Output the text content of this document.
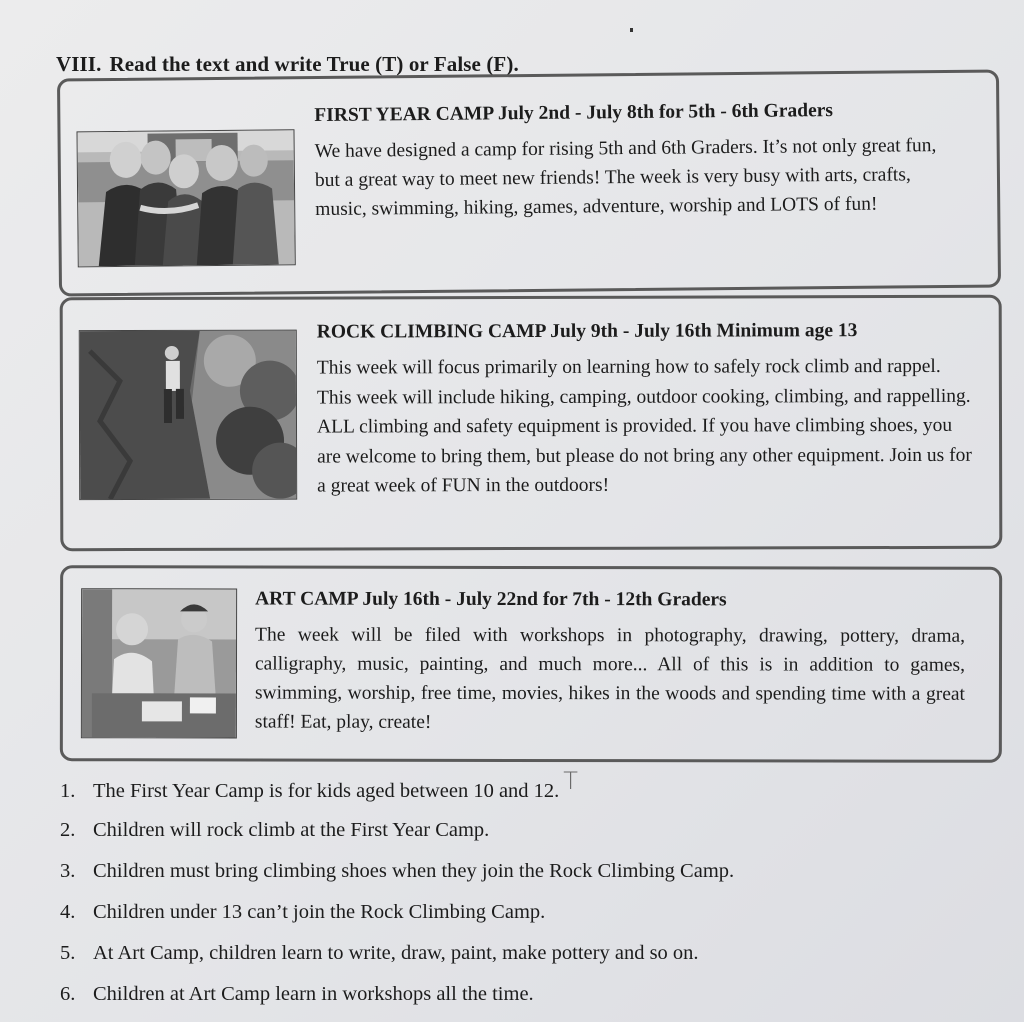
VIII. Read the text and write True (T) or False (F).

FIRST YEAR CAMP July 2nd - July 8th for 5th - 6th Graders

We have designed a camp for rising 5th and 6th Graders. It’s not only great fun, but a great way to meet new friends! The week is very busy with arts, crafts, music, swimming, hiking, games, adventure, worship and LOTS of fun!

ROCK CLIMBING CAMP July 9th - July 16th Minimum age 13

This week will focus primarily on learning how to safely rock climb and rappel. This week will include hiking, camping, outdoor cooking, climbing, and rappelling. ALL climbing and safety equipment is provided. If you have climbing shoes, you are welcome to bring them, but please do not bring any other equipment. Join us for a great week of FUN in the outdoors!

ART CAMP July 16th - July 22nd for 7th - 12th Graders

The week will be filed with workshops in photography, drawing, pottery, drama, calligraphy, music, painting, and much more... All of this is in addition to games, swimming, worship, free time, movies, hikes in the woods and spending time with a great staff! Eat, play, create!

1. The First Year Camp is for kids aged between 10 and 12. T
2. Children will rock climb at the First Year Camp.
3. Children must bring climbing shoes when they join the Rock Climbing Camp.
4. Children under 13 can’t join the Rock Climbing Camp.
5. At Art Camp, children learn to write, draw, paint, make pottery and so on.
6. Children at Art Camp learn in workshops all the time.
